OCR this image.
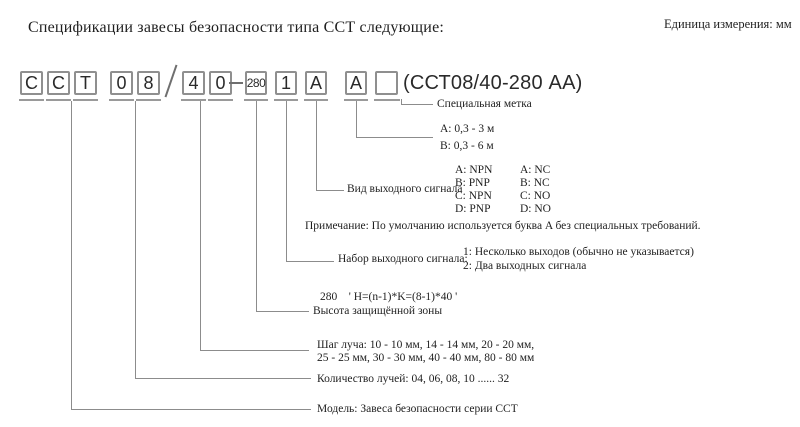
Спецификации завесы безопасности типа ССТ следующие:	Единица измерения: мм
C C T	0 8	4 0	280 1	A A (ССТ08/40-280 АА)
Специальная метка
A: 0,3 - 3 м
B: 0,3 - 6 м
Вид выходного сигнала
A: NPN	A: NC
B: PNP	B: NC
C: NPN	C: NO
D: PNP	D: NO
Примечание: По умолчанию используется буква A без специальных требований.
Набор выходного сигнала:
1: Несколько выходов (обычно не указывается)
2: Два выходных сигнала
280    ' H=(n-1)*K=(8-1)*40 '
Высота защищённой зоны
Шаг луча: 10 - 10 мм, 14 - 14 мм, 20 - 20 мм,
25 - 25 мм, 30 - 30 мм, 40 - 40 мм, 80 - 80 мм
Количество лучей: 04, 06, 08, 10 ...... 32
Модель: Завеса безопасности серии ССТ
